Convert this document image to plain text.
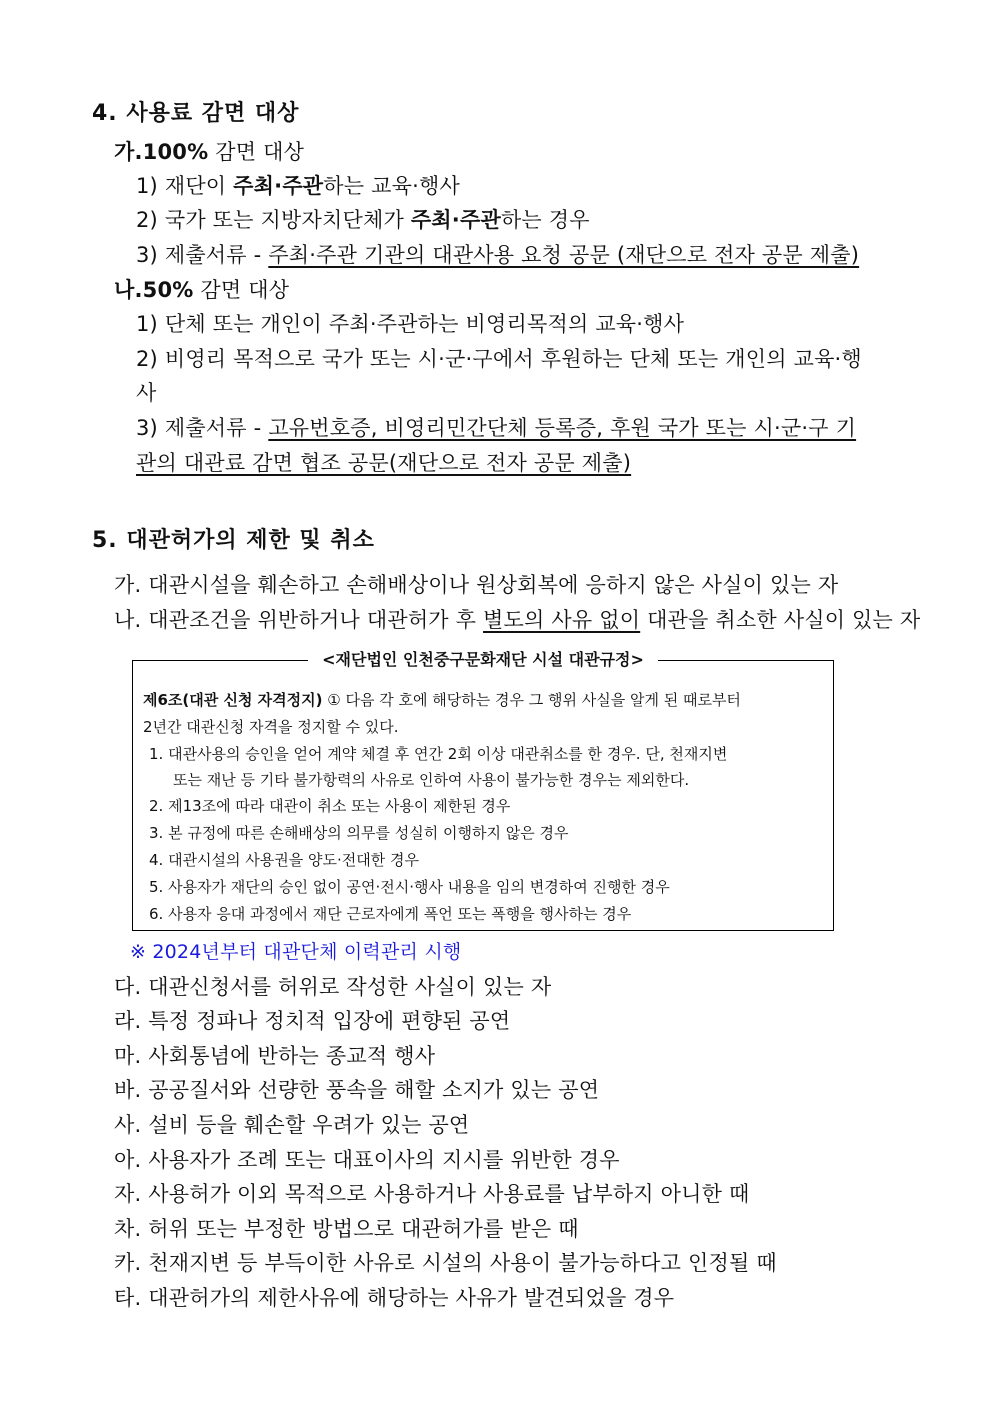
4. 사용료 감면 대상
가.100% 감면 대상
1) 재단이 주최·주관하는 교육·행사
2) 국가 또는 지방자치단체가 주최·주관하는 경우
3) 제출서류 - 주최·주관 기관의 대관사용 요청 공문 (재단으로 전자 공문 제출)
나.50% 감면 대상
1) 단체 또는 개인이 주최·주관하는 비영리목적의 교육·행사
2) 비영리 목적으로 국가 또는 시·군·구에서 후원하는 단체 또는 개인의 교육·행
사
3) 제출서류 - 고유번호증, 비영리민간단체 등록증, 후원 국가 또는 시·군·구 기
관의 대관료 감면 협조 공문(재단으로 전자 공문 제출)
5. 대관허가의 제한 및 취소
가. 대관시설을 훼손하고 손해배상이나 원상회복에 응하지 않은 사실이 있는 자
나. 대관조건을 위반하거나 대관허가 후 별도의 사유 없이 대관을 취소한 사실이 있는 자
<재단법인 인천중구문화재단 시설 대관규정>
제6조(대관 신청 자격정지) ① 다음 각 호에 해당하는 경우 그 행위 사실을 알게 된 때로부터
2년간 대관신청 자격을 정지할 수 있다.
1. 대관사용의 승인을 얻어 계약 체결 후 연간 2회 이상 대관취소를 한 경우. 단, 천재지변
또는 재난 등 기타 불가항력의 사유로 인하여 사용이 불가능한 경우는 제외한다.
2. 제13조에 따라 대관이 취소 또는 사용이 제한된 경우
3. 본 규정에 따른 손해배상의 의무를 성실히 이행하지 않은 경우
4. 대관시설의 사용권을 양도·전대한 경우
5. 사용자가 재단의 승인 없이 공연·전시·행사 내용을 임의 변경하여 진행한 경우
6. 사용자 응대 과정에서 재단 근로자에게 폭언 또는 폭행을 행사하는 경우
※ 2024년부터 대관단체 이력관리 시행
다. 대관신청서를 허위로 작성한 사실이 있는 자
라. 특정 정파나 정치적 입장에 편향된 공연
마. 사회통념에 반하는 종교적 행사
바. 공공질서와 선량한 풍속을 해할 소지가 있는 공연
사. 설비 등을 훼손할 우려가 있는 공연
아. 사용자가 조례 또는 대표이사의 지시를 위반한 경우
자. 사용허가 이외 목적으로 사용하거나 사용료를 납부하지 아니한 때
차. 허위 또는 부정한 방법으로 대관허가를 받은 때
카. 천재지변 등 부득이한 사유로 시설의 사용이 불가능하다고 인정될 때
타. 대관허가의 제한사유에 해당하는 사유가 발견되었을 경우
